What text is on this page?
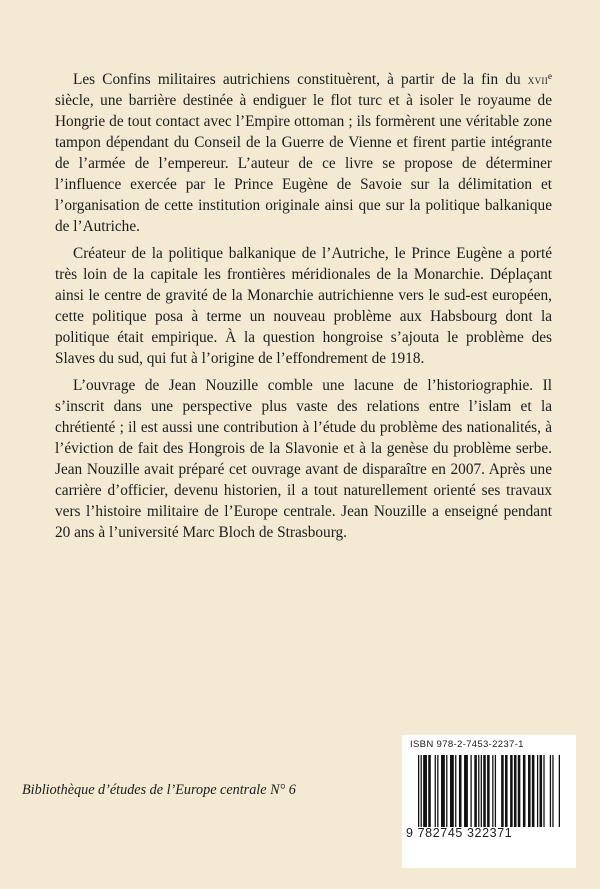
Les Confins militaires autrichiens constituèrent, à partir de la fin du xvii$^e$ siècle, une barrière destinée à endiguer le flot turc et à isoler le royaume de Hongrie de tout contact avec l’Empire ottoman ; ils formèrent une véritable zone tampon dépendant du Conseil de la Guerre de Vienne et firent partie intégrante de l’armée de l’empereur. L’auteur de ce livre se propose de déterminer l’influence exercée par le Prince Eugène de Savoie sur la délimitation et l’organisation de cette institution originale ainsi que sur la politique balkanique de l’Autriche.

Créateur de la politique balkanique de l’Autriche, le Prince Eugène a porté très loin de la capitale les frontières méridionales de la Monarchie. Déplaçant ainsi le centre de gravité de la Monarchie autrichienne vers le sud-est européen, cette politique posa à terme un nouveau problème aux Habsbourg dont la politique était empirique. À la question hongroise s’ajouta le problème des Slaves du sud, qui fut à l’origine de l’effondrement de 1918.

L’ouvrage de Jean Nouzille comble une lacune de l’historiographie. Il s’inscrit dans une perspective plus vaste des relations entre l’islam et la chrétienté ; il est aussi une contribution à l’étude du problème des nationalités, à l’éviction de fait des Hongrois de la Slavonie et à la genèse du problème serbe. Jean Nouzille avait préparé cet ouvrage avant de disparaître en 2007. Après une carrière d’officier, devenu historien, il a tout naturellement orienté ses travaux vers l’histoire militaire de l’Europe centrale. Jean Nouzille a enseigné pendant 20 ans à l’université Marc Bloch de Strasbourg.

Bibliothèque d’études de l’Europe centrale N° 6
ISBN 978-2-7453-2237-1
9 782745 322371
